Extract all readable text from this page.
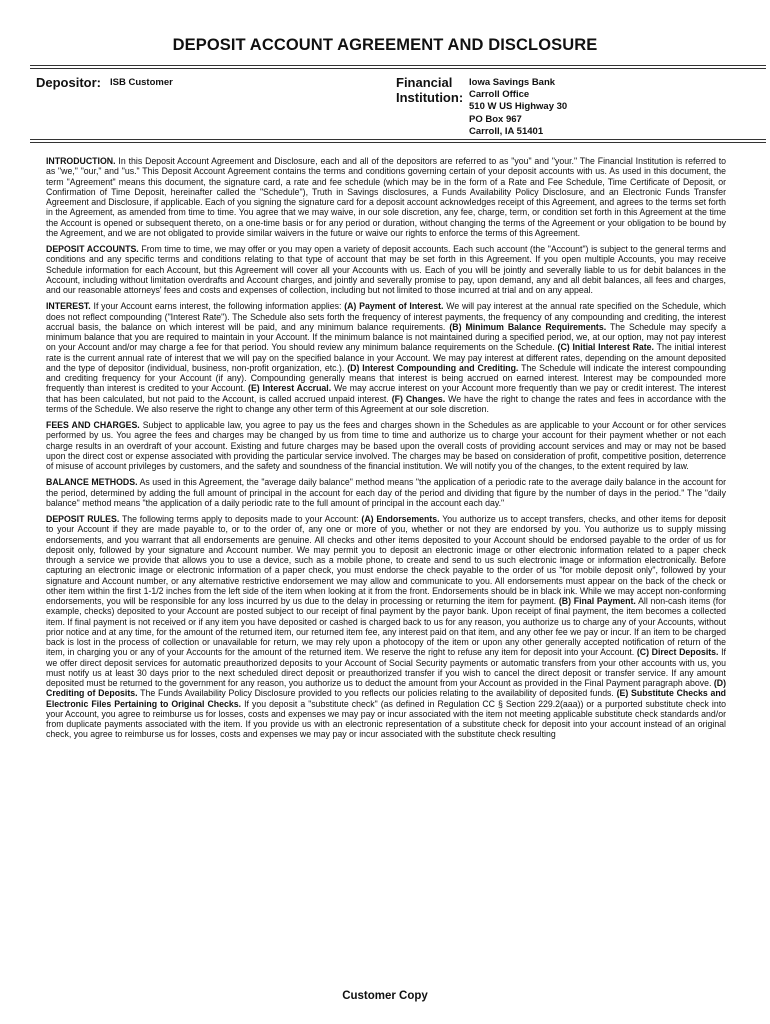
DEPOSIT ACCOUNT AGREEMENT AND DISCLOSURE
Depositor: ISB Customer	Financial
Institution:
Iowa Savings Bank
Carroll Office
510 W US Highway 30
PO Box 967
Carroll, IA 51401

INTRODUCTION. In this Deposit Account Agreement and Disclosure, each and all of the depositors are referred to as "you" and "your." The Financial Institution is referred to as "we," "our," and "us." This Deposit Account Agreement contains the terms and conditions governing certain of your deposit accounts with us. As used in this document, the term "Agreement" means this document, the signature card, a rate and fee schedule (which may be in the form of a Rate and Fee Schedule, Time Certificate of Deposit, or Confirmation of Time Deposit, hereinafter called the "Schedule"), Truth in Savings disclosures, a Funds Availability Policy Disclosure, and an Electronic Funds Transfer Agreement and Disclosure, if applicable. Each of you signing the signature card for a deposit account acknowledges receipt of this Agreement, and agrees to the terms set forth in the Agreement, as amended from time to time. You agree that we may waive, in our sole discretion, any fee, charge, term, or condition set forth in this Agreement at the time the Account is opened or subsequent thereto, on a one-time basis or for any period or duration, without changing the terms of the Agreement or your obligation to be bound by the Agreement, and we are not obligated to provide similar waivers in the future or waive our rights to enforce the terms of this Agreement.

DEPOSIT ACCOUNTS. From time to time, we may offer or you may open a variety of deposit accounts. Each such account (the "Account") is subject to the general terms and conditions and any specific terms and conditions relating to that type of account that may be set forth in this Agreement. If you open multiple Accounts, you may receive Schedule information for each Account, but this Agreement will cover all your Accounts with us. Each of you will be jointly and severally liable to us for debit balances in the Account, including without limitation overdrafts and Account charges, and jointly and severally promise to pay, upon demand, any and all debit balances, all fees and charges, and our reasonable attorneys' fees and costs and expenses of collection, including but not limited to those incurred at trial and on any appeal.

INTEREST. If your Account earns interest, the following information applies: (A) Payment of Interest. We will pay interest at the annual rate specified on the Schedule, which does not reflect compounding ("Interest Rate"). The Schedule also sets forth the frequency of interest payments, the frequency of any compounding and crediting, the interest accrual basis, the balance on which interest will be paid, and any minimum balance requirements. (B) Minimum Balance Requirements. The Schedule may specify a minimum balance that you are required to maintain in your Account. If the minimum balance is not maintained during a specified period, we, at our option, may not pay interest on your Account and/or may charge a fee for that period. You should review any minimum balance requirements on the Schedule. (C) Initial Interest Rate. The initial interest rate is the current annual rate of interest that we will pay on the specified balance in your Account. We may pay interest at different rates, depending on the amount deposited and the type of depositor (individual, business, non-profit organization, etc.). (D) Interest Compounding and Crediting. The Schedule will indicate the interest compounding and crediting frequency for your Account (if any). Compounding generally means that interest is being accrued on earned interest. Interest may be compounded more frequently than interest is credited to your Account. (E) Interest Accrual. We may accrue interest on your Account more frequently than we pay or credit interest. The interest that has been calculated, but not paid to the Account, is called accrued unpaid interest. (F) Changes. We have the right to change the rates and fees in accordance with the terms of the Schedule. We also reserve the right to change any other term of this Agreement at our sole discretion.

FEES AND CHARGES. Subject to applicable law, you agree to pay us the fees and charges shown in the Schedules as are applicable to your Account or for other services performed by us. You agree the fees and charges may be changed by us from time to time and authorize us to charge your account for their payment whether or not each charge results in an overdraft of your account. Existing and future charges may be based upon the overall costs of providing account services and may or may not be based upon the direct cost or expense associated with providing the particular service involved. The charges may be based on consideration of profit, competitive position, deterrence of misuse of account privileges by customers, and the safety and soundness of the financial institution. We will notify you of the changes, to the extent required by law.

BALANCE METHODS. As used in this Agreement, the "average daily balance" method means "the application of a periodic rate to the average daily balance in the account for the period, determined by adding the full amount of principal in the account for each day of the period and dividing that figure by the number of days in the period." The "daily balance" method means "the application of a daily periodic rate to the full amount of principal in the account each day."

DEPOSIT RULES. The following terms apply to deposits made to your Account: (A) Endorsements. You authorize us to accept transfers, checks, and other items for deposit to your Account if they are made payable to, or to the order of, any one or more of you, whether or not they are endorsed by you. You authorize us to supply missing endorsements, and you warrant that all endorsements are genuine. All checks and other items deposited to your Account should be endorsed payable to the order of us for deposit only, followed by your signature and Account number. We may permit you to deposit an electronic image or other electronic information related to a paper check through a service we provide that allows you to use a device, such as a mobile phone, to create and send to us such electronic image or information electronically. Before capturing an electronic image or electronic information of a paper check, you must endorse the check payable to the order of us "for mobile deposit only", followed by your signature and Account number, or any alternative restrictive endorsement we may allow and communicate to you. All endorsements must appear on the back of the check or other item within the first 1-1/2 inches from the left side of the item when looking at it from the front. Endorsements should be in black ink. While we may accept non-conforming endorsements, you will be responsible for any loss incurred by us due to the delay in processing or returning the item for payment. (B) Final Payment. All non-cash items (for example, checks) deposited to your Account are posted subject to our receipt of final payment by the payor bank. Upon receipt of final payment, the item becomes a collected item. If final payment is not received or if any item you have deposited or cashed is charged back to us for any reason, you authorize us to charge any of your Accounts, without prior notice and at any time, for the amount of the returned item, our returned item fee, any interest paid on that item, and any other fee we pay or incur. If an item to be charged back is lost in the process of collection or unavailable for return, we may rely upon a photocopy of the item or upon any other generally accepted notification of return of the item, in charging you or any of your Accounts for the amount of the returned item. We reserve the right to refuse any item for deposit into your Account. (C) Direct Deposits. If we offer direct deposit services for automatic preauthorized deposits to your Account of Social Security payments or automatic transfers from your other accounts with us, you must notify us at least 30 days prior to the next scheduled direct deposit or preauthorized transfer if you wish to cancel the direct deposit or transfer service. If any amount deposited must be returned to the government for any reason, you authorize us to deduct the amount from your Account as provided in the Final Payment paragraph above. (D) Crediting of Deposits. The Funds Availability Policy Disclosure provided to you reflects our policies relating to the availability of deposited funds. (E) Substitute Checks and Electronic Files Pertaining to Original Checks. If you deposit a "substitute check" (as defined in Regulation CC § Section 229.2(aaa)) or a purported substitute check into your Account, you agree to reimburse us for losses, costs and expenses we may pay or incur associated with the item not meeting applicable substitute check standards and/or from duplicate payments associated with the item. If you provide us with an electronic representation of a substitute check for deposit into your account instead of an original check, you agree to reimburse us for losses, costs and expenses we may pay or incur associated with the substitute check resulting

Customer Copy
